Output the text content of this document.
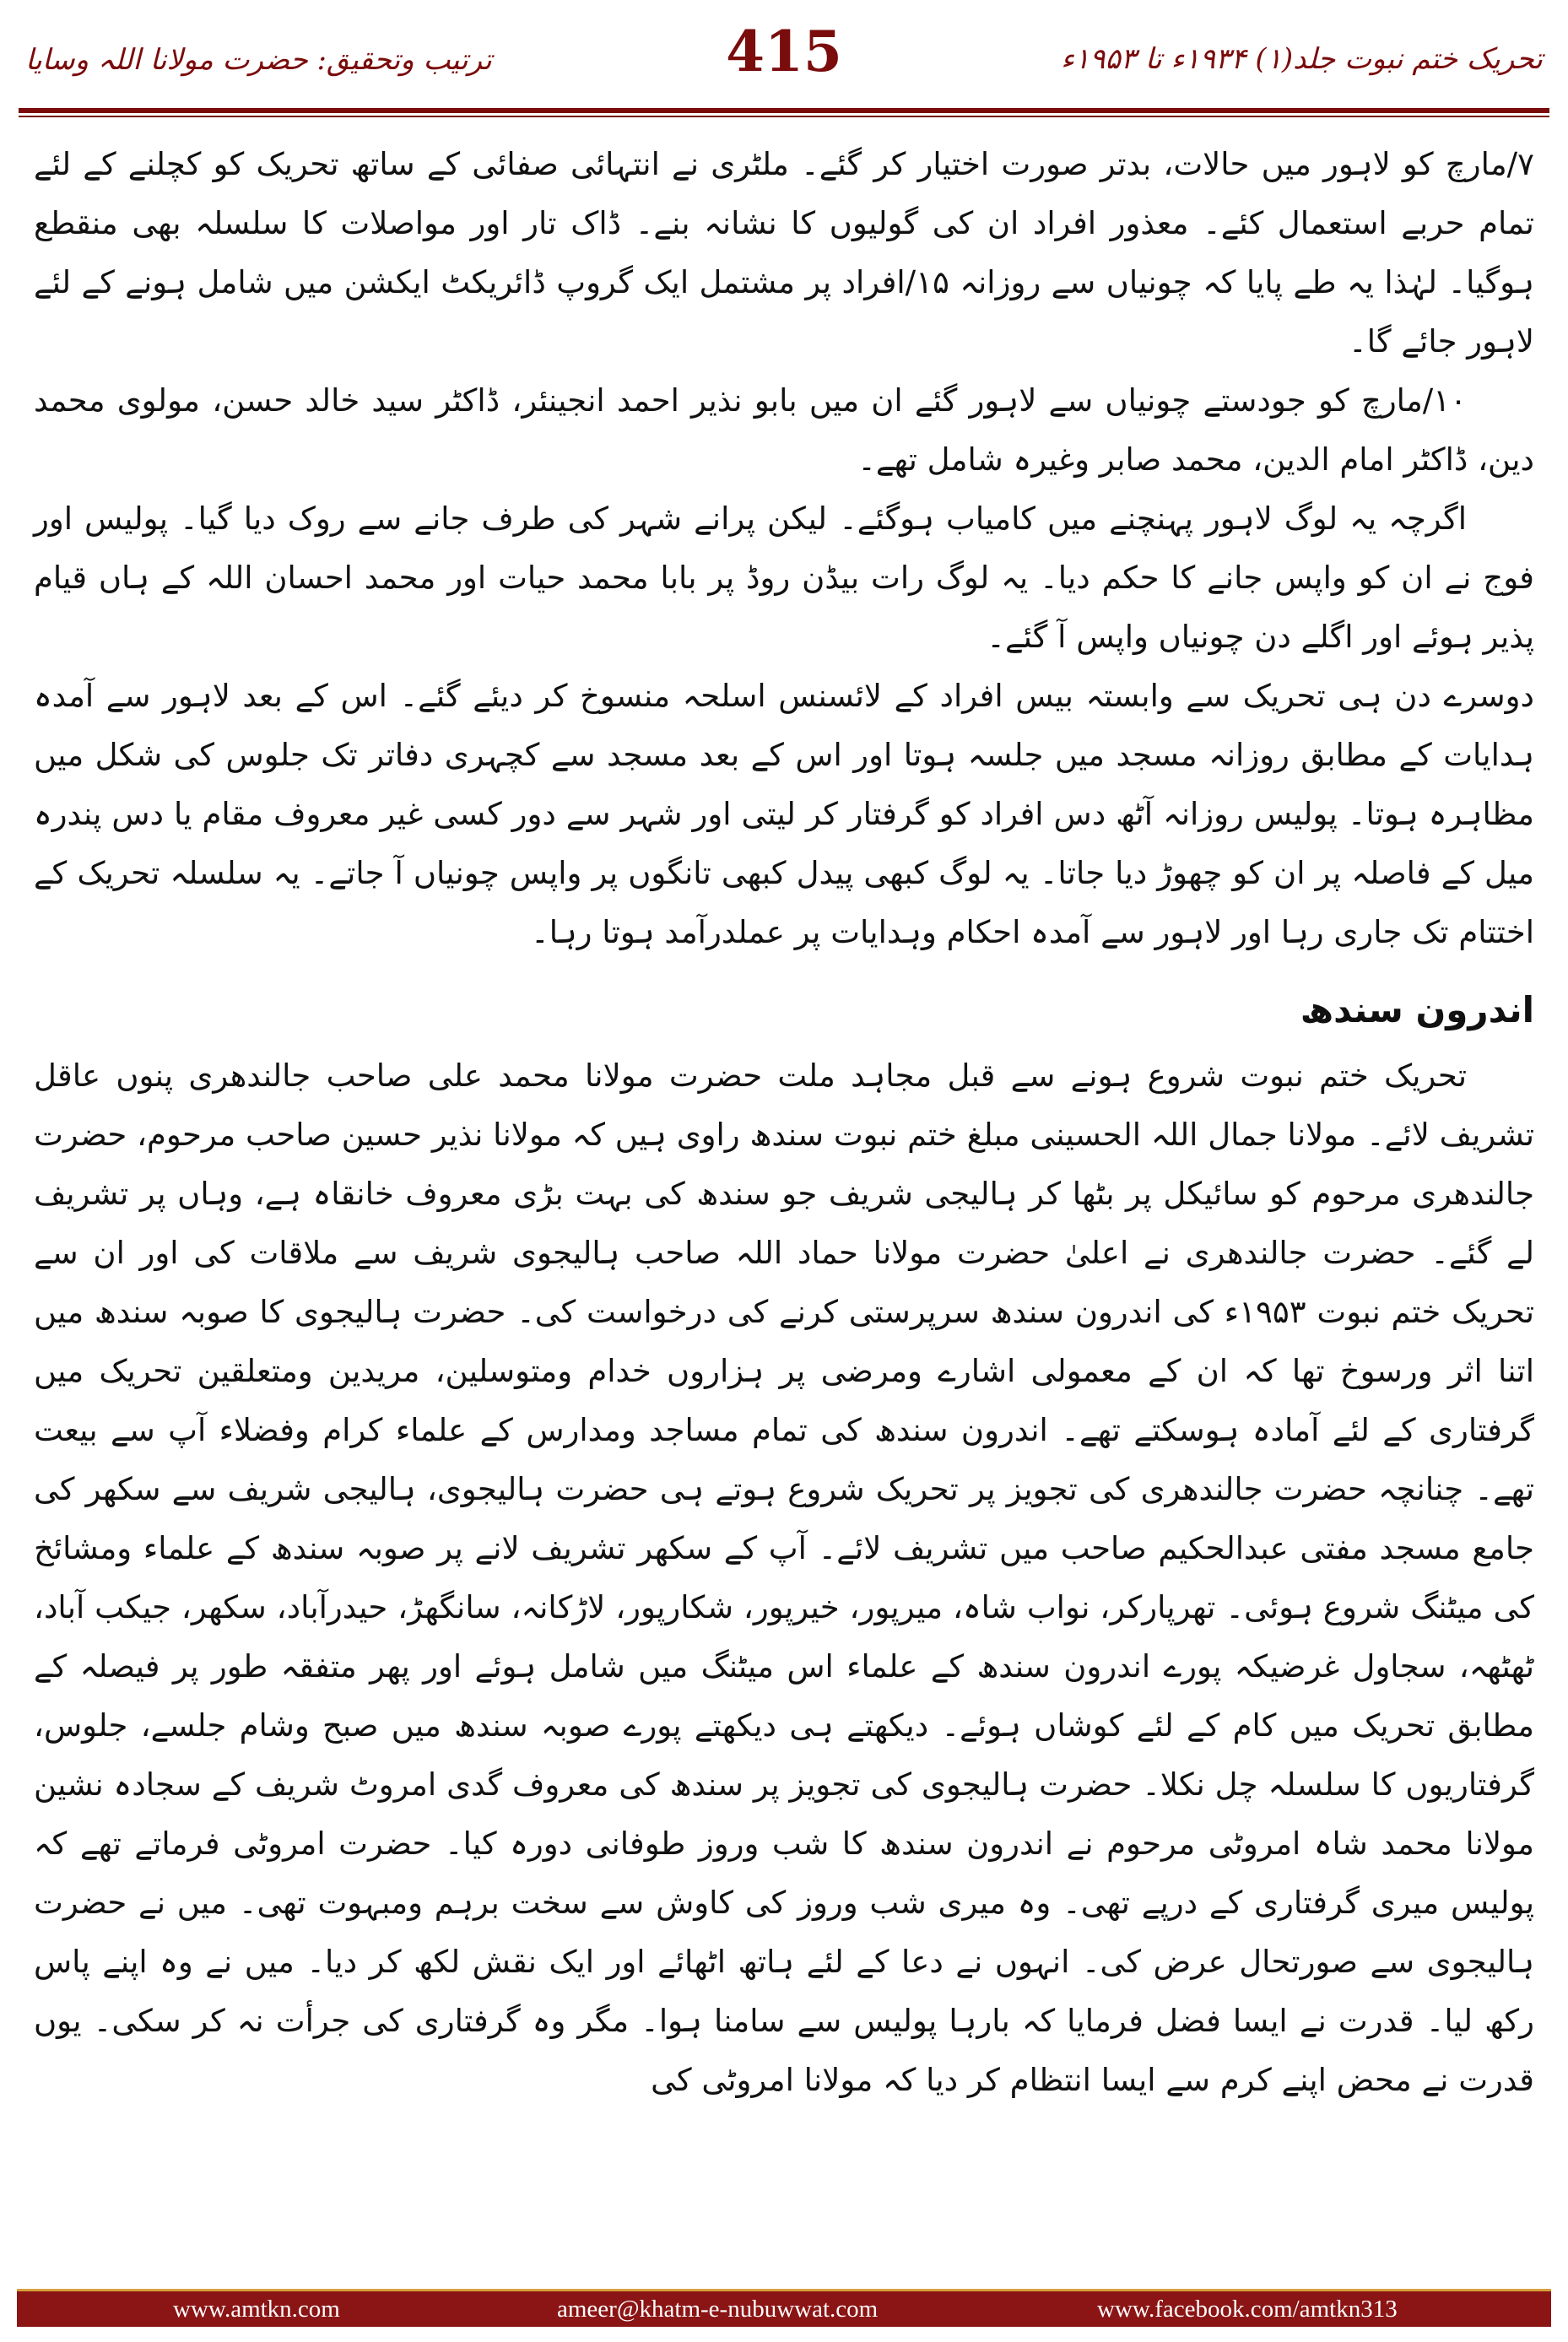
ترتیب وتحقیق: حضرت مولانا اللہ وسایا	415	تحریک ختم نبوت جلد(۱) ۱۹۳۴ء تا ۱۹۵۳ء

۷/مارچ کو لاہور میں حالات، بدتر صورت اختیار کر گئے۔ ملٹری نے انتہائی صفائی کے ساتھ تحریک کو کچلنے کے لئے تمام حربے استعمال کئے۔ معذور افراد ان کی گولیوں کا نشانہ بنے۔ ڈاک تار اور مواصلات کا سلسلہ بھی منقطع ہوگیا۔ لہٰذا یہ طے پایا کہ چونیاں سے روزانہ ۱۵/افراد پر مشتمل ایک گروپ ڈائریکٹ ایکشن میں شامل ہونے کے لئے لاہور جائے گا۔

۱۰/مارچ کو جودستے چونیاں سے لاہور گئے ان میں بابو نذیر احمد انجینئر، ڈاکٹر سید خالد حسن، مولوی محمد دین، ڈاکٹر امام الدین، محمد صابر وغیرہ شامل تھے۔

اگرچہ یہ لوگ لاہور پہنچنے میں کامیاب ہوگئے۔ لیکن پرانے شہر کی طرف جانے سے روک دیا گیا۔ پولیس اور فوج نے ان کو واپس جانے کا حکم دیا۔ یہ لوگ رات بیڈن روڈ پر بابا محمد حیات اور محمد احسان اللہ کے ہاں قیام پذیر ہوئے اور اگلے دن چونیاں واپس آ گئے۔

دوسرے دن ہی تحریک سے وابستہ بیس افراد کے لائسنس اسلحہ منسوخ کر دیئے گئے۔ اس کے بعد لاہور سے آمدہ ہدایات کے مطابق روزانہ مسجد میں جلسہ ہوتا اور اس کے بعد مسجد سے کچہری دفاتر تک جلوس کی شکل میں مظاہرہ ہوتا۔ پولیس روزانہ آٹھ دس افراد کو گرفتار کر لیتی اور شہر سے دور کسی غیر معروف مقام یا دس پندرہ میل کے فاصلہ پر ان کو چھوڑ دیا جاتا۔ یہ لوگ کبھی پیدل کبھی تانگوں پر واپس چونیاں آ جاتے۔ یہ سلسلہ تحریک کے اختتام تک جاری رہا اور لاہور سے آمدہ احکام وہدایات پر عملدرآمد ہوتا رہا۔

اندرون سندھ

تحریک ختم نبوت شروع ہونے سے قبل مجاہد ملت حضرت مولانا محمد علی صاحب جالندھری پنوں عاقل تشریف لائے۔ مولانا جمال اللہ الحسینی مبلغ ختم نبوت سندھ راوی ہیں کہ مولانا نذیر حسین صاحب مرحوم، حضرت جالندھری مرحوم کو سائیکل پر بٹھا کر ہالیجی شریف جو سندھ کی بہت بڑی معروف خانقاہ ہے، وہاں پر تشریف لے گئے۔ حضرت جالندھری نے اعلیٰ حضرت مولانا حماد اللہ صاحب ہالیجوی شریف سے ملاقات کی اور ان سے تحریک ختم نبوت ۱۹۵۳ء کی اندرون سندھ سرپرستی کرنے کی درخواست کی۔ حضرت ہالیجوی کا صوبہ سندھ میں اتنا اثر ورسوخ تھا کہ ان کے معمولی اشارے ومرضی پر ہزاروں خدام ومتوسلین، مریدین ومتعلقین تحریک میں گرفتاری کے لئے آمادہ ہوسکتے تھے۔ اندرون سندھ کی تمام مساجد ومدارس کے علماء کرام وفضلاء آپ سے بیعت تھے۔ چنانچہ حضرت جالندھری کی تجویز پر تحریک شروع ہوتے ہی حضرت ہالیجوی، ہالیجی شریف سے سکھر کی جامع مسجد مفتی عبدالحکیم صاحب میں تشریف لائے۔ آپ کے سکھر تشریف لانے پر صوبہ سندھ کے علماء ومشائخ کی میٹنگ شروع ہوئی۔ تھرپارکر، نواب شاہ، میرپور، خیرپور، شکارپور، لاڑکانہ، سانگھڑ، حیدرآباد، سکھر، جیکب آباد، ٹھٹھہ، سجاول غرضیکہ پورے اندرون سندھ کے علماء اس میٹنگ میں شامل ہوئے اور پھر متفقہ طور پر فیصلہ کے مطابق تحریک میں کام کے لئے کوشاں ہوئے۔ دیکھتے ہی دیکھتے پورے صوبہ سندھ میں صبح وشام جلسے، جلوس، گرفتاریوں کا سلسلہ چل نکلا۔ حضرت ہالیجوی کی تجویز پر سندھ کی معروف گدی امروٹ شریف کے سجادہ نشین مولانا محمد شاہ امروٹی مرحوم نے اندرون سندھ کا شب وروز طوفانی دورہ کیا۔ حضرت امروٹی فرماتے تھے کہ پولیس میری گرفتاری کے درپے تھی۔ وہ میری شب وروز کی کاوش سے سخت برہم ومبہوت تھی۔ میں نے حضرت ہالیجوی سے صورتحال عرض کی۔ انہوں نے دعا کے لئے ہاتھ اٹھائے اور ایک نقش لکھ کر دیا۔ میں نے وہ اپنے پاس رکھ لیا۔ قدرت نے ایسا فضل فرمایا کہ بارہا پولیس سے سامنا ہوا۔ مگر وہ گرفتاری کی جرأت نہ کر سکی۔ یوں قدرت نے محض اپنے کرم سے ایسا انتظام کر دیا کہ مولانا امروٹی کی

www.amtkn.com	ameer@khatm-e-nubuwwat.com	www.facebook.com/amtkn313
